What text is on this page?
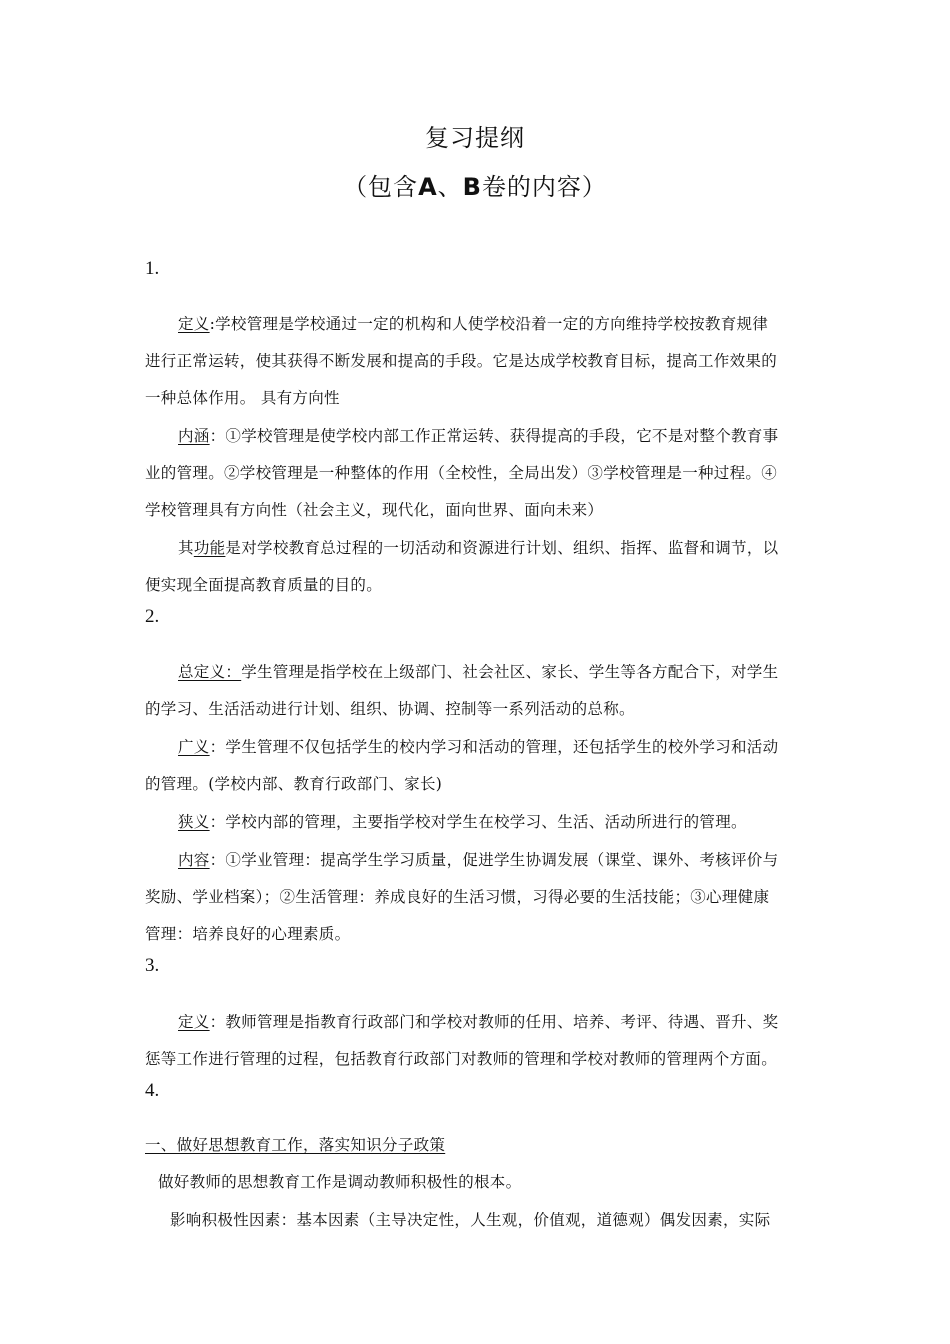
复习提纲
（包含A、B卷的内容）
1.
定义:学校管理是学校通过一定的机构和人使学校沿着一定的方向维持学校按教育规律
进行正常运转，使其获得不断发展和提高的手段。它是达成学校教育目标，提高工作效果的
一种总体作用。 具有方向性
内涵：①学校管理是使学校内部工作正常运转、获得提高的手段，它不是对整个教育事
业的管理。②学校管理是一种整体的作用（全校性，全局出发）③学校管理是一种过程。④
学校管理具有方向性（社会主义，现代化，面向世界、面向未来）
其功能是对学校教育总过程的一切活动和资源进行计划、组织、指挥、监督和调节，以
便实现全面提高教育质量的目的。
2.
总定义：学生管理是指学校在上级部门、社会社区、家长、学生等各方配合下，对学生
的学习、生活活动进行计划、组织、协调、控制等一系列活动的总称。
广义：学生管理不仅包括学生的校内学习和活动的管理，还包括学生的校外学习和活动
的管理。(学校内部、教育行政部门、家长)
狭义：学校内部的管理，主要指学校对学生在校学习、生活、活动所进行的管理。
内容：①学业管理：提高学生学习质量，促进学生协调发展（课堂、课外、考核评价与
奖励、学业档案）；②生活管理：养成良好的生活习惯，习得必要的生活技能；③心理健康
管理：培养良好的心理素质。
3.
定义：教师管理是指教育行政部门和学校对教师的任用、培养、考评、待遇、晋升、奖
惩等工作进行管理的过程，包括教育行政部门对教师的管理和学校对教师的管理两个方面。
4.
一、做好思想教育工作，落实知识分子政策
做好教师的思想教育工作是调动教师积极性的根本。
影响积极性因素：基本因素（主导决定性，人生观，价值观，道德观）偶发因素，实际
